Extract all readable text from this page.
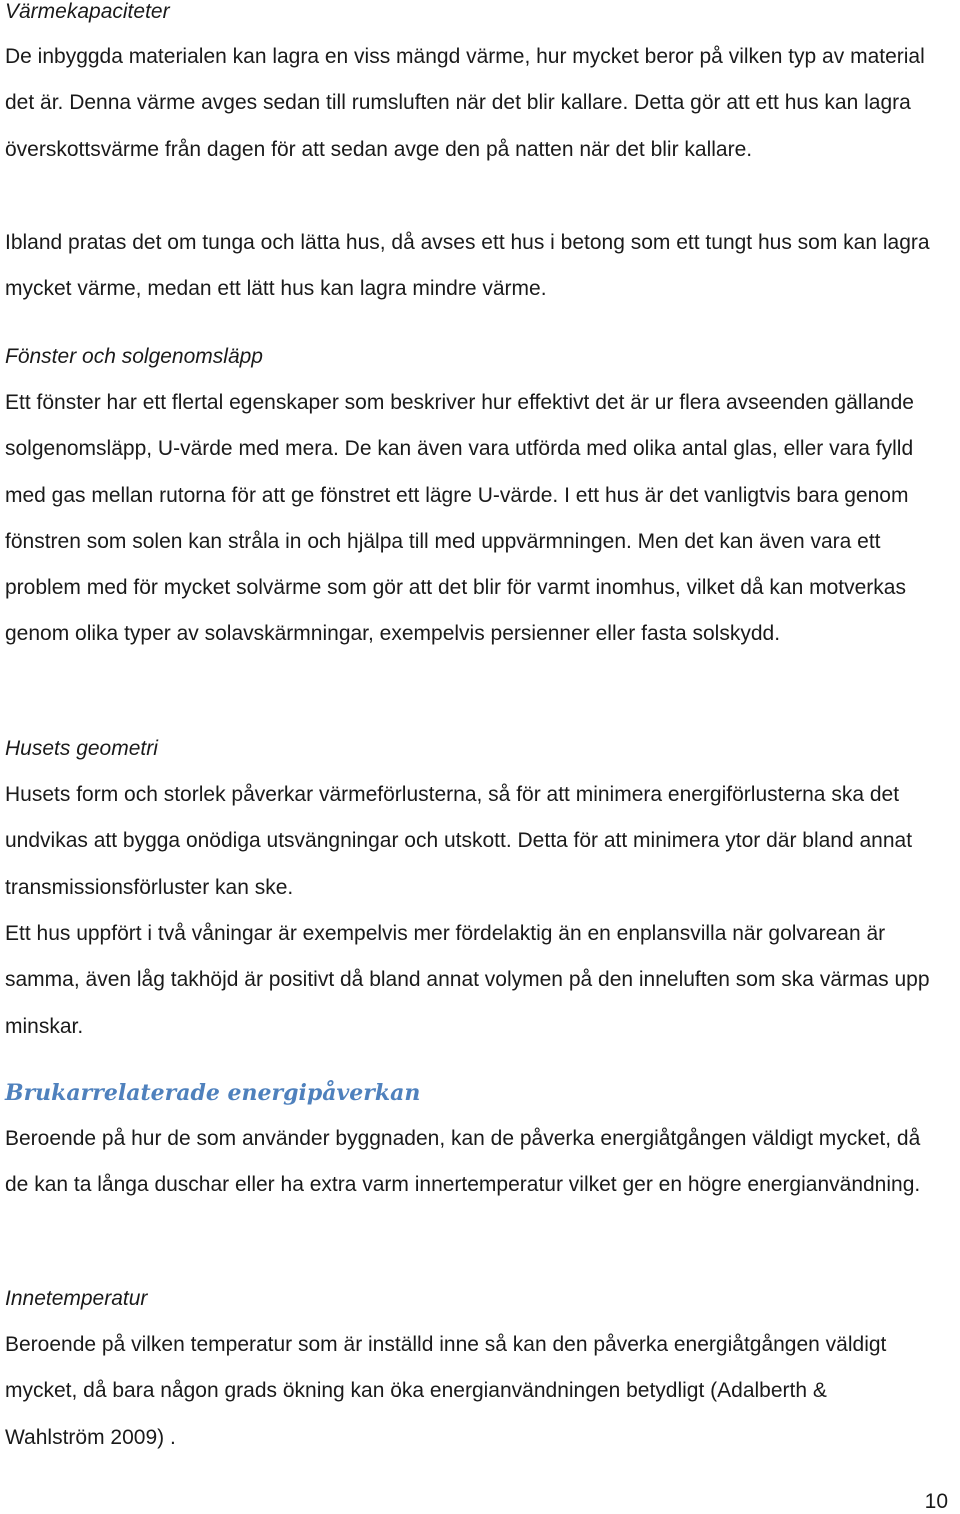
Värmekapaciteter

De inbyggda materialen kan lagra en viss mängd värme, hur mycket beror på vilken typ av material det är. Denna värme avges sedan till rumsluften när det blir kallare. Detta gör att ett hus kan lagra överskottsvärme från dagen för att sedan avge den på natten när det blir kallare.

Ibland pratas det om tunga och lätta hus, då avses ett hus i betong som ett tungt hus som kan lagra mycket värme, medan ett lätt hus kan lagra mindre värme.

Fönster och solgenomsläpp

Ett fönster har ett flertal egenskaper som beskriver hur effektivt det är ur flera avseenden gällande solgenomsläpp, U-värde med mera. De kan även vara utförda med olika antal glas, eller vara fylld med gas mellan rutorna för att ge fönstret ett lägre U-värde. I ett hus är det vanligtvis bara genom fönstren som solen kan stråla in och hjälpa till med uppvärmningen. Men det kan även vara ett problem med för mycket solvärme som gör att det blir för varmt inomhus, vilket då kan motverkas genom olika typer av solavskärmningar, exempelvis persienner eller fasta solskydd.

Husets geometri

Husets form och storlek påverkar värmeförlusterna, så för att minimera energiförlusterna ska det undvikas att bygga onödiga utsvängningar och utskott. Detta för att minimera ytor där bland annat transmissionsförluster kan ske.

Ett hus uppfört i två våningar är exempelvis mer fördelaktig än en enplansvilla när golvarean är samma, även låg takhöjd är positivt då bland annat volymen på den inneluften som ska värmas upp minskar.

Brukarrelaterade energipåverkan

Beroende på hur de som använder byggnaden, kan de påverka energiåtgången väldigt mycket, då de kan ta långa duschar eller ha extra varm innertemperatur vilket ger en högre energianvändning.

Innetemperatur

Beroende på vilken temperatur som är inställd inne så kan den påverka energiåtgången väldigt mycket, då bara någon grads ökning kan öka energianvändningen betydligt (Adalberth & Wahlström 2009) .

10
